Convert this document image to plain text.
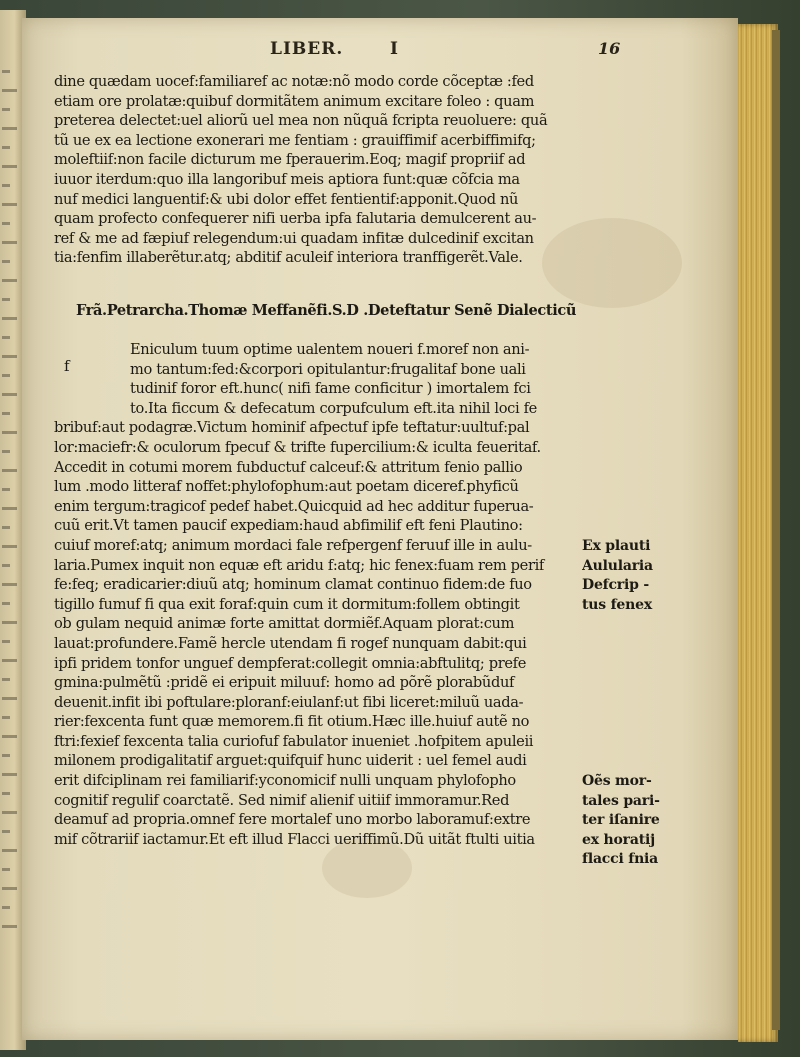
LIBER.	I	16
dine quædam uocef:familiaref ac notæ:nõ modo corde cõceptæ :fed
etiam ore prolatæ:quibuf dormitãtem animum excitare foleo : quam
preterea delectet:uel aliorũ uel mea non nũquã fcripta reuoluere: quã
tũ ue ex ea lectione exonerari me fentiam : grauiffimif acerbiffimifq;
moleftiif:non facile dicturum me fperauerim.Eoq; magif propriif ad
iuuor iterdum:quo illa langoribuf meis aptiora funt:quæ cõfcia ma
nuf medici languentif:& ubi dolor effet fentientif:apponit.Quod nũ
quam profecto confequerer nifi uerba ipfa falutaria demulcerent au-
ref & me ad fæpiuf relegendum:ui quadam infitæ dulcedinif excitan
tia:fenfim illaberẽtur.atq; abditif aculeif interiora tranffigerẽt.Vale.
Frã.Petrarcha.Thomæ Meffanẽfi.S.D .Deteftatur Senẽ Dialecticũ
f
Eniculum tuum optime ualentem noueri f.moref non ani-
mo tantum:fed:&corpori opitulantur:frugalitaf bone uali
tudinif foror eft.hunc( nifi fame conficitur ) imortalem fci
to.Ita ficcum & defecatum corpufculum eft.ita nihil loci fe
bribuf:aut podagræ.Victum hominif afpectuf ipfe teftatur:uultuf:pal
lor:maciefr:& oculorum fpecuf & trifte fupercilium:& iculta feueritaf.
Accedit in cotumi morem fubductuf calceuf:& attritum fenio pallio
lum .modo litteraf noffet:phylofophum:aut poetam diceref.phyficũ
enim tergum:tragicof pedef habet.Quicquid ad hec additur fuperua-
cuũ erit.Vt tamen paucif expediam:haud abfimilif eft feni Plautino:
cuiuf moref:atq; animum mordaci fale refpergenf feruuf ille in aulu-
laria.Pumex inquit non equæ eft aridu f:atq; hic fenex:fuam rem perif
fe:feq; eradicarier:diuũ atq; hominum clamat continuo fidem:de fuo
tigillo fumuf fi qua exit foraf:quin cum it dormitum:follem obtingit
ob gulam nequid animæ forte amittat dormiẽf.Aquam plorat:cum
lauat:profundere.Famẽ hercle utendam fi rogef nunquam dabit:qui
ipfi pridem tonfor unguef dempferat:collegit omnia:abftulitq; prefe
gmina:pulmẽtũ :pridẽ ei eripuit miluuf: homo ad põrẽ plorabũduf
deuenit.infit ibi poftulare:ploranf:eiulanf:ut fibi liceret:miluũ uada-
rier:fexcenta funt quæ memorem.fi fit otium.Hæc ille.huiuf autẽ no
ftri:fexief fexcenta talia curiofuf fabulator inueniet .hofpitem apuleii
milonem prodigalitatif arguet:quifquif hunc uiderit : uel femel audi
erit difciplinam rei familiarif:yconomicif nulli unquam phylofopho
cognitif regulif coarctatẽ. Sed nimif alienif uitiif immoramur.Red
deamuf ad propria.omnef fere mortalef uno morbo laboramuf:extre
mif cõtrariif iactamur.Et eft illud Flacci ueriffimũ.Dũ uitãt ftulti uitia
Ex plauti
Aulularia
Defcrip -
tus fenex
Oẽs mor-
tales pari-
ter iſanire
ex horatij
flacci fnia
